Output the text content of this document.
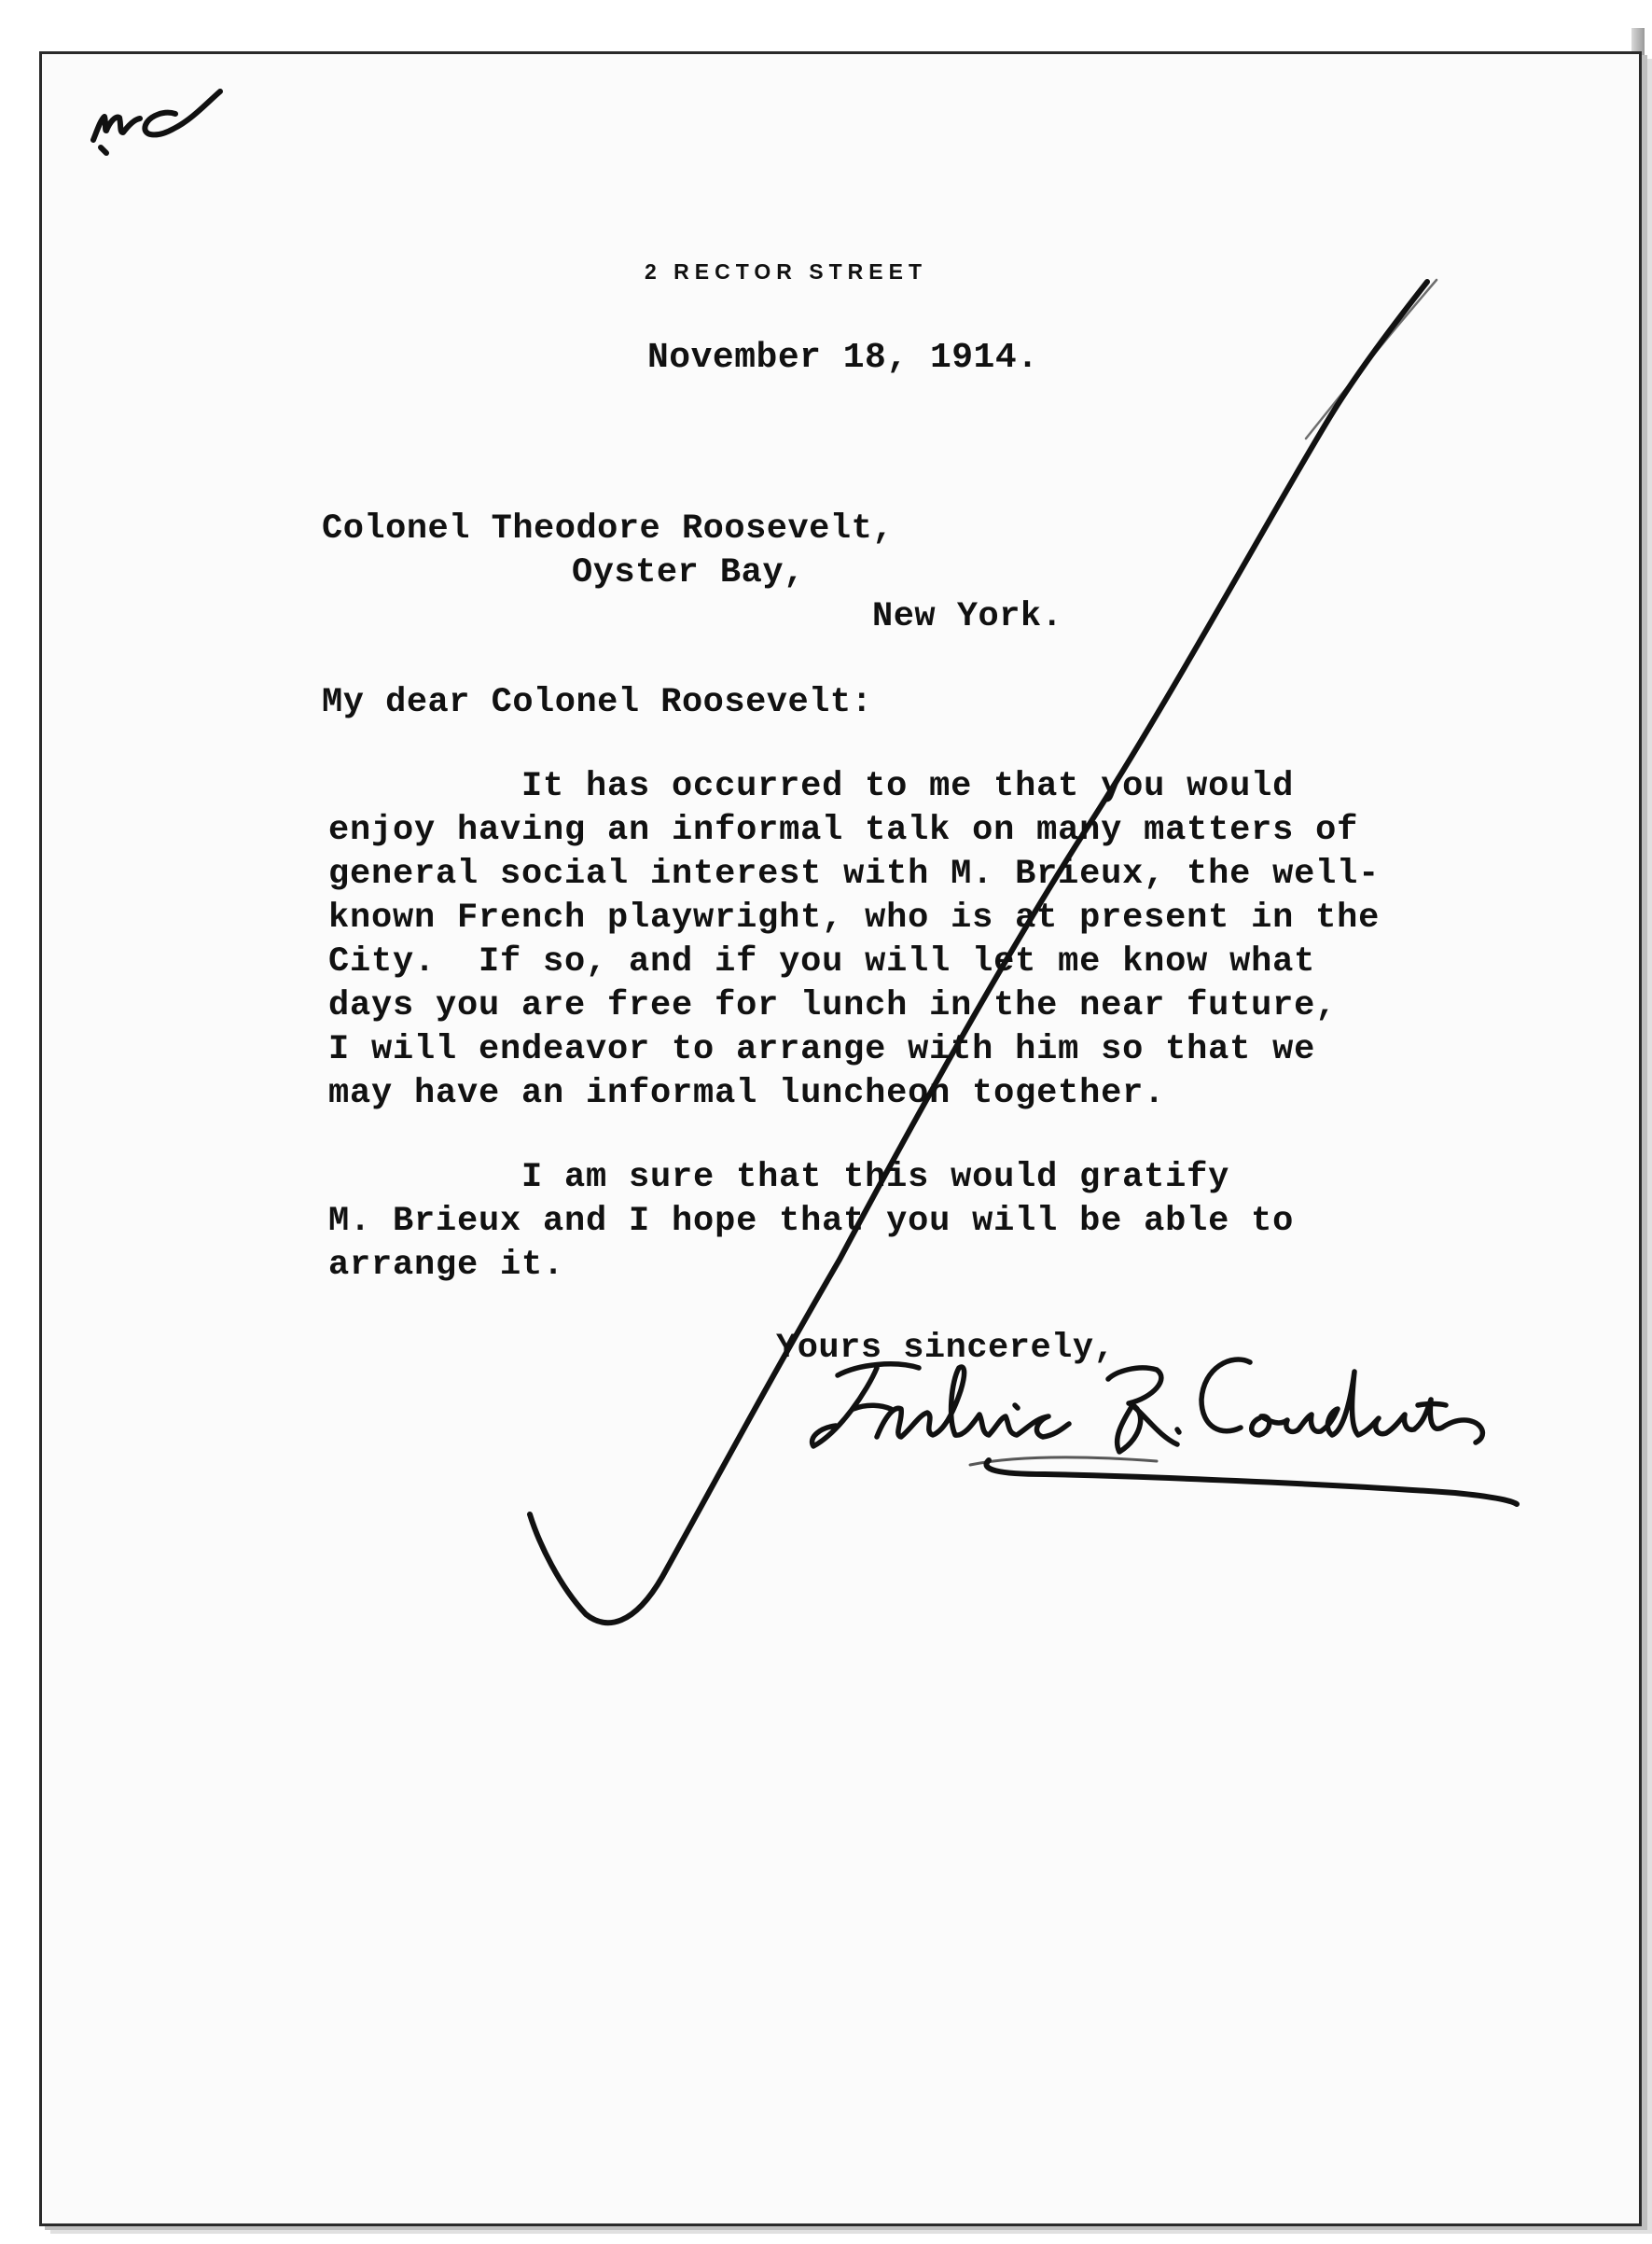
2 RECTOR STREET
November 18, 1914.
Colonel Theodore Roosevelt,
Oyster Bay,
New York.
My dear Colonel Roosevelt:
It has occurred to me that you would
enjoy having an informal talk on many matters of
general social interest with M. Brieux, the well-
known French playwright, who is at present in the
City.  If so, and if you will let me know what
days you are free for lunch in the near future,
I will endeavor to arrange with him so that we
may have an informal luncheon together.
I am sure that this would gratify
M. Brieux and I hope that you will be able to
arrange it.
Yours sincerely,
